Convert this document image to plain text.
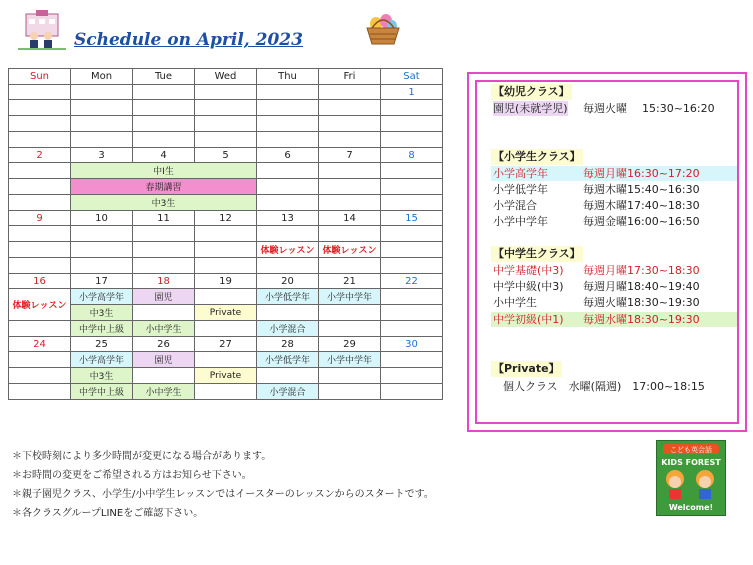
Schedule on April, 2023
Sun	Mon	Tue	Wed	Thu	Fri	Sat
						1

2	3	4	5	6	7	8
	中Ⅰ生					
	春期講習					
	中3生					
9	10	11	12	13	14	15

				体験レッスン	体験レッスン	

16	17	18	19	20	21	22
体験レッスン	小学高学年	園児		小学低学年	小学中学年	
	中3生		Private			
	中学中上級	小中学生		小学混合		
24	25	26	27	28	29	30
	小学高学年	園児		小学低学年	小学中学年	
	中3生		Private			
	中学中上級	小中学生		小学混合		
【幼児クラス】
園児(未就学児) 毎週火曜 15:30~16:20
【小学生クラス】
小学高学年	毎週月曜 16:30~17:20
小学低学年	毎週木曜 15:40~16:30
小学混合	毎週木曜 17:40~18:30
小学中学年	毎週金曜 16:00~16:50
【中学生クラス】
中学基礎(中3) 毎週月曜 17:30~18:30
中学中級(中3) 毎週月曜 18:40~19:40
小中学生	毎週火曜 18:30~19:30
中学初級(中1) 毎週水曜 18:30~19:30
【Private】
個人クラス　水曜(隔週)　17:00~18:15
＊下校時刻により多少時間が変更になる場合があります。
＊お時間の変更をご希望される方はお知らせ下さい。
＊親子園児クラス、小学生/小中学生レッスンではイースターのレッスンからのスタートです。
＊各クラスグループLINEをご確認下さい。
こども英会話
KIDS FOREST
Welcome!
